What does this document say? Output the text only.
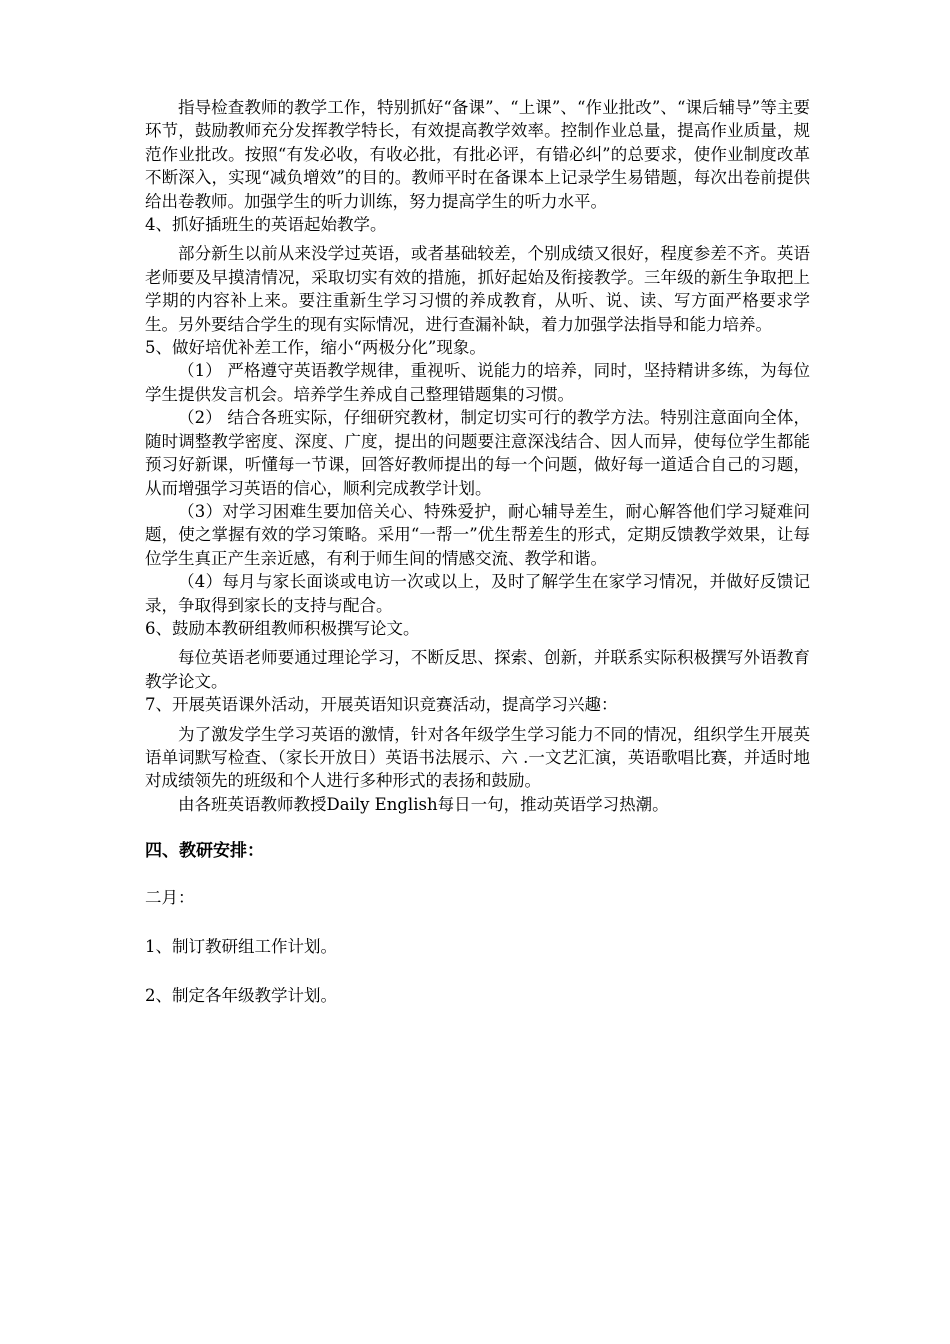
指导检查教师的教学工作，特别抓好“备课”、“上课”、“作业批改”、“课后辅导”等主要环节，鼓励教师充分发挥教学特长，有效提高教学效率。控制作业总量，提高作业质量，规范作业批改。按照“有发必收，有收必批，有批必评，有错必纠”的总要求，使作业制度改革不断深入，实现“减负增效”的目的。教师平时在备课本上记录学生易错题，每次出卷前提供给出卷教师。加强学生的听力训练，努力提高学生的听力水平。

4、抓好插班生的英语起始教学。

部分新生以前从来没学过英语，或者基础较差，个别成绩又很好，程度参差不齐。英语老师要及早摸清情况，采取切实有效的措施，抓好起始及衔接教学。三年级的新生争取把上学期的内容补上来。要注重新生学习习惯的养成教育，从听、说、读、写方面严格要求学生。另外要结合学生的现有实际情况，进行查漏补缺，着力加强学法指导和能力培养。

5、做好培优补差工作，缩小“两极分化”现象。

（1） 严格遵守英语教学规律，重视听、说能力的培养，同时，坚持精讲多练，为每位学生提供发言机会。培养学生养成自己整理错题集的习惯。

（2） 结合各班实际，仔细研究教材，制定切实可行的教学方法。特别注意面向全体，随时调整教学密度、深度、广度，提出的问题要注意深浅结合、因人而异，使每位学生都能预习好新课，听懂每一节课，回答好教师提出的每一个问题，做好每一道适合自己的习题，从而增强学习英语的信心，顺利完成教学计划。

（3）对学习困难生要加倍关心、特殊爱护，耐心辅导差生，耐心解答他们学习疑难问题，使之掌握有效的学习策略。采用“一帮一”优生帮差生的形式，定期反馈教学效果，让每位学生真正产生亲近感，有利于师生间的情感交流、教学和谐。

（4）每月与家长面谈或电访一次或以上，及时了解学生在家学习情况，并做好反馈记录，争取得到家长的支持与配合。

6、鼓励本教研组教师积极撰写论文。

每位英语老师要通过理论学习，不断反思、探索、创新，并联系实际积极撰写外语教育教学论文。

7、开展英语课外活动，开展英语知识竞赛活动，提高学习兴趣：

为了激发学生学习英语的激情，针对各年级学生学习能力不同的情况，组织学生开展英语单词默写检查、（家长开放日）英语书法展示、六 .一文艺汇演，英语歌唱比赛，并适时地对成绩领先的班级和个人进行多种形式的表扬和鼓励。

由各班英语教师教授Daily English每日一句，推动英语学习热潮。

四、教研安排：

二月：

1、制订教研组工作计划。

2、制定各年级教学计划。
